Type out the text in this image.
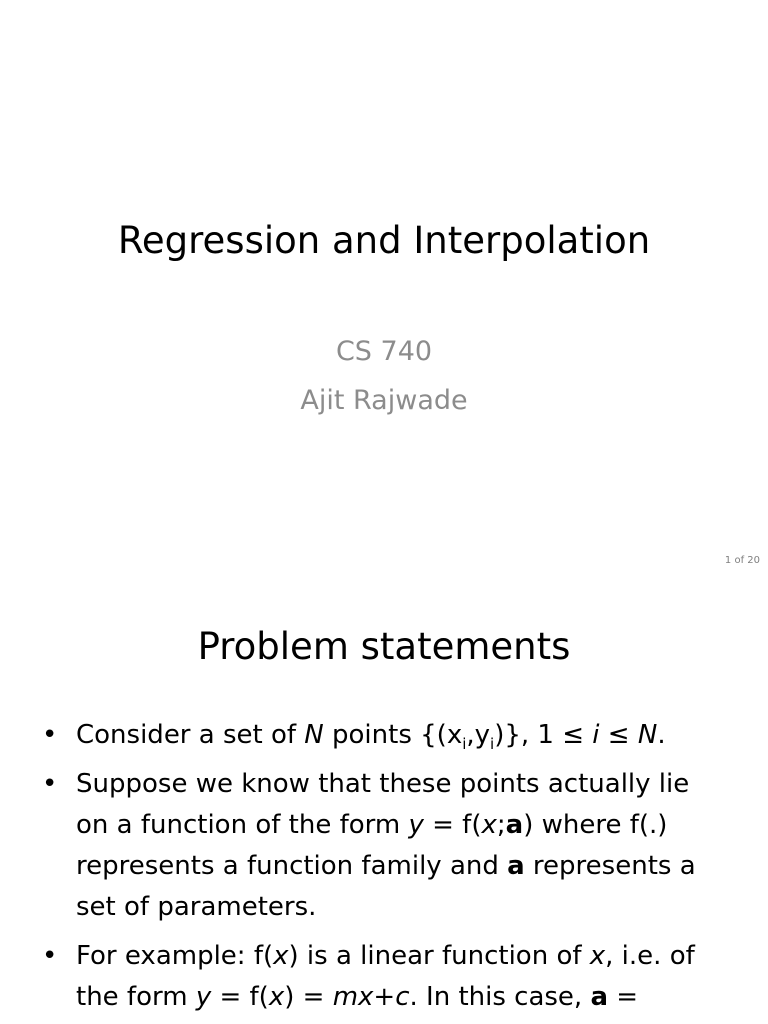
Regression and Interpolation
CS 740
Ajit Rajwade
1 of 20
Problem statements
• Consider a set of N points $\{(x_i,y_i)\}$, 1 ≤ i ≤ N.
• Suppose we know that these points actually lie on a function of the form y = f(x;a) where f(.) represents a function family and a represents a set of parameters.
• For example: f(x) is a linear function of x, i.e. of the form y = f(x) = mx+c. In this case, a =
